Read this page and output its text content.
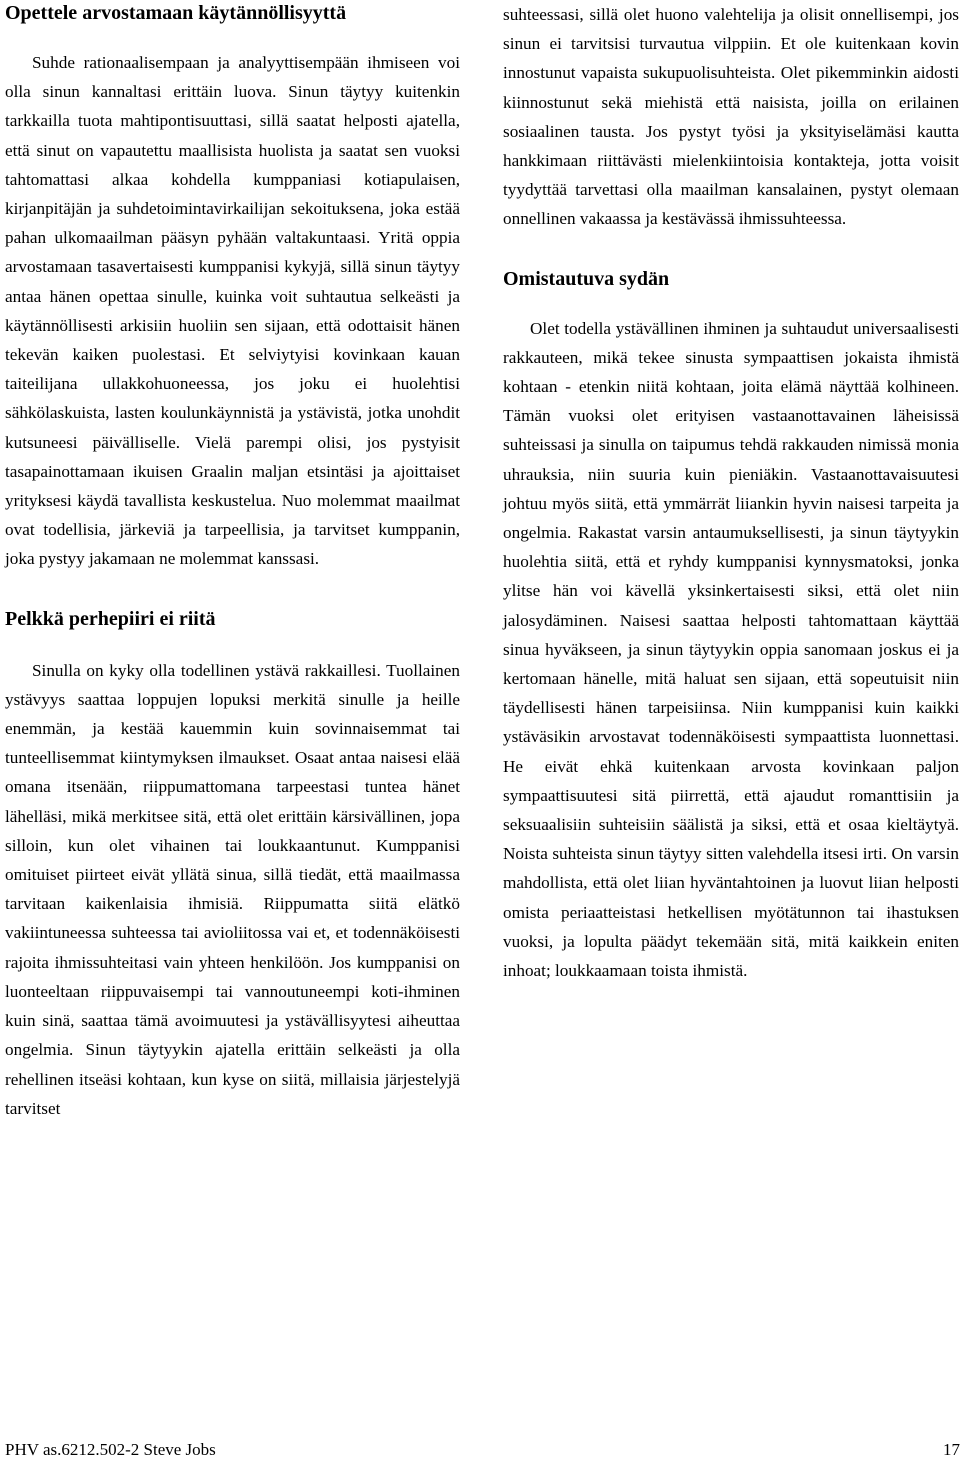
Opettele arvostamaan käytännöllisyyttä

Suhde rationaalisempaan ja analyyttisempään ihmiseen voi olla sinun kannaltasi erittäin luova. Sinun täytyy kuitenkin tarkkailla tuota mahtipontisuuttasi, sillä saatat helposti ajatella, että sinut on vapautettu maallisista huolista ja saatat sen vuoksi tahtomattasi alkaa kohdella kumppaniasi kotiapulaisen, kirjanpitäjän ja suhdetoimintavirkailijan sekoituksena, joka estää pahan ulkomaailman pääsyn pyhään valtakuntaasi. Yritä oppia arvostamaan tasavertaisesti kumppanisi kykyjä, sillä sinun täytyy antaa hänen opettaa sinulle, kuinka voit suhtautua selkeästi ja käytännöllisesti arkisiin huoliin sen sijaan, että odottaisit hänen tekevän kaiken puolestasi. Et selviytyisi kovinkaan kauan taiteilijana ullakkohuoneessa, jos joku ei huolehtisi sähkölaskuista, lasten koulunkäynnistä ja ystävistä, jotka unohdit kutsuneesi päivälliselle. Vielä parempi olisi, jos pystyisit tasapainottamaan ikuisen Graalin maljan etsintäsi ja ajoittaiset yrityksesi käydä tavallista keskustelua. Nuo molemmat maailmat ovat todellisia, järkeviä ja tarpeellisia, ja tarvitset kumppanin, joka pystyy jakamaan ne molemmat kanssasi.

Pelkkä perhepiiri ei riitä

Sinulla on kyky olla todellinen ystävä rakkaillesi. Tuollainen ystävyys saattaa loppujen lopuksi merkitä sinulle ja heille enemmän, ja kestää kauemmin kuin sovinnaisemmat tai tunteellisemmat kiintymyksen ilmaukset. Osaat antaa naisesi elää omana itsenään, riippumattomana tarpeestasi tuntea hänet lähelläsi, mikä merkitsee sitä, että olet erittäin kärsivällinen, jopa silloin, kun olet vihainen tai loukkaantunut. Kumppanisi omituiset piirteet eivät yllätä sinua, sillä tiedät, että maailmassa tarvitaan kaikenlaisia ihmisiä. Riippumatta siitä elätkö vakiintuneessa suhteessa tai avioliitossa vai et, et todennäköisesti rajoita ihmissuhteitasi vain yhteen henkilöön. Jos kumppanisi on luonteeltaan riippuvaisempi tai vannoutuneempi koti-ihminen kuin sinä, saattaa tämä avoimuutesi ja ystävällisyytesi aiheuttaa ongelmia. Sinun täytyykin ajatella erittäin selkeästi ja olla rehellinen itseäsi kohtaan, kun kyse on siitä, millaisia järjestelyjä tarvitset

suhteessasi, sillä olet huono valehtelija ja olisit onnellisempi, jos sinun ei tarvitsisi turvautua vilppiin. Et ole kuitenkaan kovin innostunut vapaista sukupuolisuhteista. Olet pikemminkin aidosti kiinnostunut sekä miehistä että naisista, joilla on erilainen sosiaalinen tausta. Jos pystyt työsi ja yksityiselämäsi kautta hankkimaan riittävästi mielenkiintoisia kontakteja, jotta voisit tyydyttää tarvettasi olla maailman kansalainen, pystyt olemaan onnellinen vakaassa ja kestävässä ihmissuhteessa.

Omistautuva sydän

Olet todella ystävällinen ihminen ja suhtaudut universaalisesti rakkauteen, mikä tekee sinusta sympaattisen jokaista ihmistä kohtaan - etenkin niitä kohtaan, joita elämä näyttää kolhineen. Tämän vuoksi olet erityisen vastaanottavainen läheisissä suhteissasi ja sinulla on taipumus tehdä rakkauden nimissä monia uhrauksia, niin suuria kuin pieniäkin. Vastaanottavaisuutesi johtuu myös siitä, että ymmärrät liiankin hyvin naisesi tarpeita ja ongelmia. Rakastat varsin antaumuksellisesti, ja sinun täytyykin huolehtia siitä, että et ryhdy kumppanisi kynnysmatoksi, jonka ylitse hän voi kävellä yksinkertaisesti siksi, että olet niin jalosydäminen. Naisesi saattaa helposti tahtomattaan käyttää sinua hyväkseen, ja sinun täytyykin oppia sanomaan joskus ei ja kertomaan hänelle, mitä haluat sen sijaan, että sopeutuisit niin täydellisesti hänen tarpeisiinsa. Niin kumppanisi kuin kaikki ystäväsikin arvostavat todennäköisesti sympaattista luonnettasi. He eivät ehkä kuitenkaan arvosta kovinkaan paljon sympaattisuutesi sitä piirrettä, että ajaudut romanttisiin ja seksuaalisiin suhteisiin säälistä ja siksi, että et osaa kieltäytyä. Noista suhteista sinun täytyy sitten valehdella itsesi irti. On varsin mahdollista, että olet liian hyväntahtoinen ja luovut liian helposti omista periaatteistasi hetkellisen myötätunnon tai ihastuksen vuoksi, ja lopulta päädyt tekemään sitä, mitä kaikkein eniten inhoat; loukkaamaan toista ihmistä.

PHV as.6212.502-2 Steve Jobs	17
